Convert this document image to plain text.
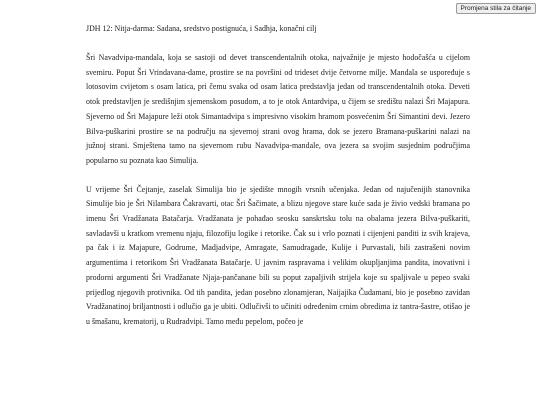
Promjena stila za čitanje
JDH 12: Nitja-darma: Sadana, sredstvo postignuća, i Sadhja, konačni cilj

Šri Navadvipa-mandala, koja se sastoji od devet transcendentalnih otoka, najvažnije je mjesto hodočašća u cijelom svemiru. Poput Šri Vrindavana-dame, prostire se na površini od trideset dvije četvorne milje. Mandala se uspoređuje s lotosovim cvijetom s osam latica, pri čemu svaka od osam latica predstavlja jedan od transcendentalnih otoka. Deveti otok predstavljen je središnjim sjemenskom posudom, a to je otok Antardvipa, u čijem se središtu nalazi Šri Majapura. Sjeverno od Šri Majapure leži otok Simantadvipa s impresivno visokim hramom posvećenim Šri Simantini devi. Jezero Bilva-puškarini prostire se na području na sjevernoj strani ovog hrama, dok se jezero Bramana-puškarini nalazi na južnoj strani. Smještena tamo na sjevernom rubu Navadvipa-mandale, ova jezera sa svojim susjednim područjima popularno su poznata kao Simulija.

U vrijeme Šri Čejtanje, zaselak Simulija bio je sjedište mnogih vrsnih učenjaka. Jedan od najučenijih stanovnika Simulije bio je Šri Nilambara Čakravarti, otac Šri Šačimate, a blizu njegove stare kuće sada je živio vedski bramana po imenu Šri Vradžanata Batačarja. Vradžanata je pohađao seosku sanskrtsku tolu na obalama jezera Bilva-puškariti, savladavši u kratkom vremenu njaju, filozofiju logike i retorike. Čak su i vrlo poznati i cijenjeni panditi iz svih krajeva, pa čak i iz Majapure, Godrume, Madjadvipe, Amragate, Samudragade, Kulije i Purvastali, bili zastrašeni novim argumentima i retorikom Šri Vradžanata Batačarje. U javnim raspravama i velikim okupljanjima pandita, inovativni i prodorni argumenti Šri Vradžanate Njaja-pančanane bili su poput zapaljivih strijela koje su spaljivale u pepeo svaki prijedlog njegovih protivnika. Od tih pandita, jedan posebno zlonamjeran, Naijajika Čudamani, bio je posebno zavidan Vradžanatinoj briljantnosti i odlučio ga je ubiti. Odlučivši to učiniti određenim crnim obredima iz tantra-šastre, otišao je u šmašanu, krematorij, u Rudradvipi. Tamo među pepelom, počeo je
